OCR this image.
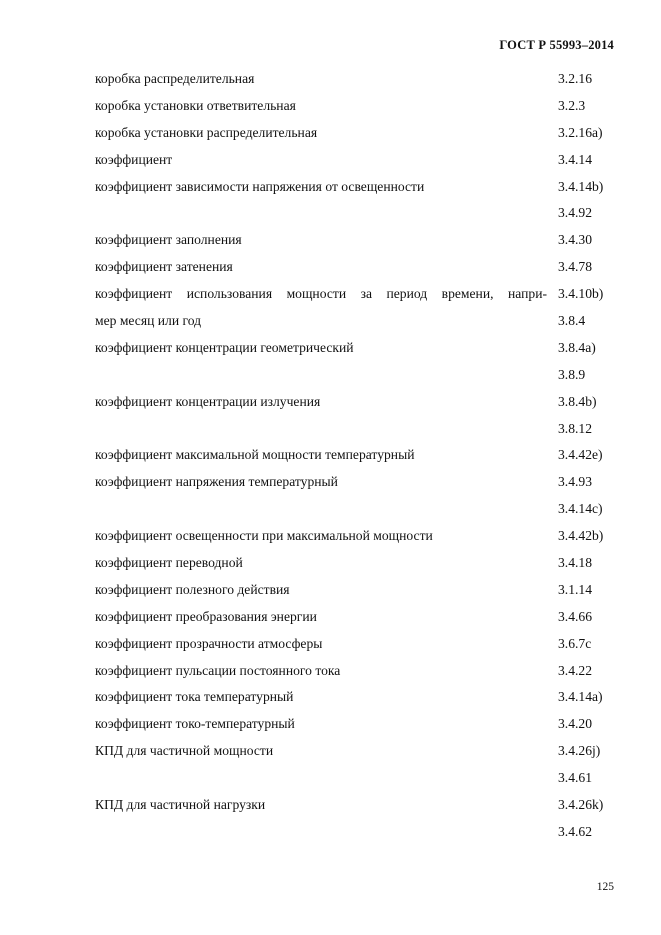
ГОСТ Р 55993–2014
коробка распределительная	3.2.16
коробка установки ответвительная	3.2.3
коробка установки распределительная	3.2.16a)
коэффициент	3.4.14
коэффициент зависимости напряжения от освещенности	3.4.14b)
3.4.92
коэффициент заполнения	3.4.30
коэффициент затенения	3.4.78
коэффициент использования мощности за период времени, напри- 3.4.10b)
мер месяц или год	3.8.4
коэффициент концентрации геометрический	3.8.4a)
3.8.9
коэффициент концентрации излучения	3.8.4b)
3.8.12
коэффициент максимальной мощности температурный	3.4.42e)
коэффициент напряжения температурный	3.4.93
3.4.14c)
коэффициент освещенности при максимальной мощности	3.4.42b)
коэффициент переводной	3.4.18
коэффициент полезного действия	3.1.14
коэффициент преобразования энергии	3.4.66
коэффициент прозрачности атмосферы	3.6.7c
коэффициент пульсации постоянного тока	3.4.22
коэффициент тока температурный	3.4.14a)
коэффициент токо-температурный	3.4.20
КПД для частичной мощности	3.4.26j)
3.4.61
КПД для частичной нагрузки	3.4.26k)
3.4.62
125
